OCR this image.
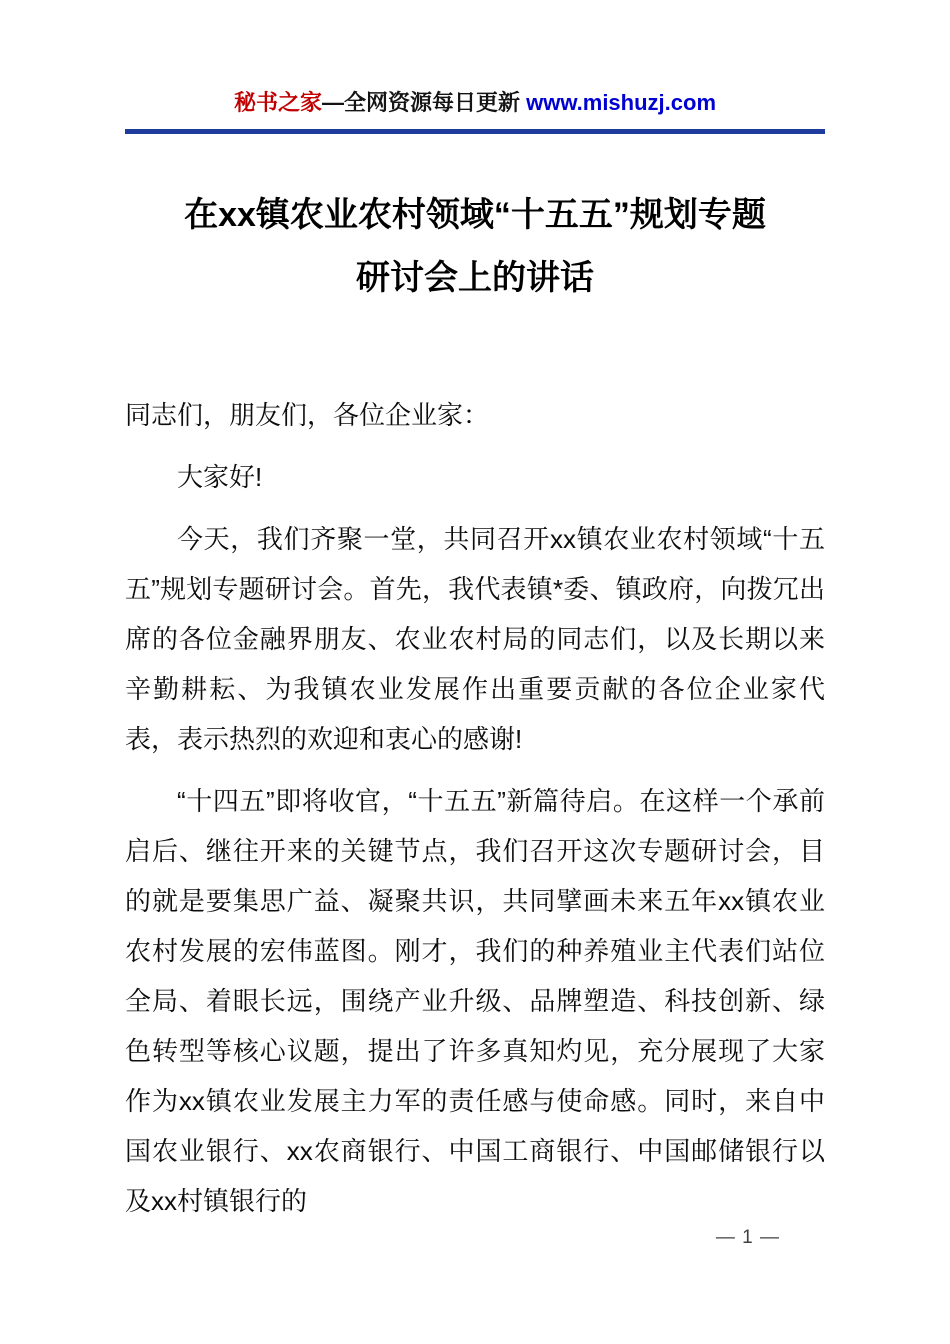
秘书之家—全网资源每日更新 www.mishuzj.com
在xx镇农业农村领域“十五五”规划专题
研讨会上的讲话

同志们，朋友们，各位企业家：

大家好!

今天，我们齐聚一堂，共同召开xx镇农业农村领域“十五五”规划专题研讨会。首先，我代表镇*委、镇政府，向拨冗出席的各位金融界朋友、农业农村局的同志们，以及长期以来辛勤耕耘、为我镇农业发展作出重要贡献的各位企业家代表，表示热烈的欢迎和衷心的感谢!

“十四五”即将收官，“十五五”新篇待启。在这样一个承前启后、继往开来的关键节点，我们召开这次专题研讨会，目的就是要集思广益、凝聚共识，共同擘画未来五年xx镇农业农村发展的宏伟蓝图。刚才，我们的种养殖业主代表们站位全局、着眼长远，围绕产业升级、品牌塑造、科技创新、绿色转型等核心议题，提出了许多真知灼见，充分展现了大家作为xx镇农业发展主力军的责任感与使命感。同时，来自中国农业银行、xx农商银行、中国工商银行、中国邮储银行以及xx村镇银行的

— 1 —
